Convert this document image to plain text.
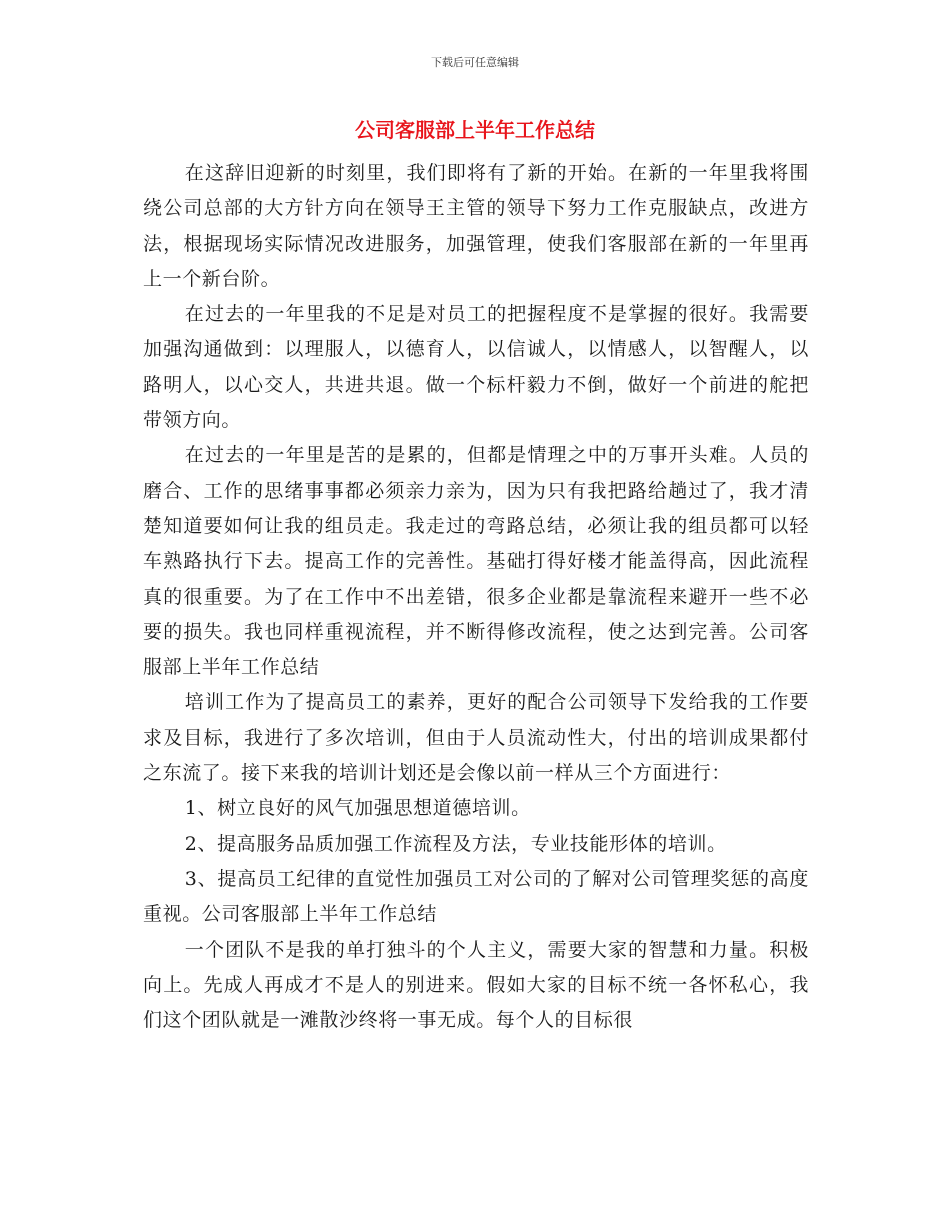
下载后可任意编辑
公司客服部上半年工作总结

在这辞旧迎新的时刻里，我们即将有了新的开始。在新的一年里我将围绕公司总部的大方针方向在领导王主管的领导下努力工作克服缺点，改进方法，根据现场实际情况改进服务，加强管理，使我们客服部在新的一年里再上一个新台阶。

在过去的一年里我的不足是对员工的把握程度不是掌握的很好。我需要加强沟通做到：以理服人，以德育人，以信诚人，以情感人，以智醒人，以路明人，以心交人，共进共退。做一个标杆毅力不倒，做好一个前进的舵把带领方向。

在过去的一年里是苦的是累的，但都是情理之中的万事开头难。人员的磨合、工作的思绪事事都必须亲力亲为，因为只有我把路给趟过了，我才清楚知道要如何让我的组员走。我走过的弯路总结，必须让我的组员都可以轻车熟路执行下去。提高工作的完善性。基础打得好楼才能盖得高，因此流程真的很重要。为了在工作中不出差错，很多企业都是靠流程来避开一些不必要的损失。我也同样重视流程，并不断得修改流程，使之达到完善。公司客服部上半年工作总结

培训工作为了提高员工的素养，更好的配合公司领导下发给我的工作要求及目标，我进行了多次培训，但由于人员流动性大，付出的培训成果都付之东流了。接下来我的培训计划还是会像以前一样从三个方面进行：

1、树立良好的风气加强思想道德培训。

2、提高服务品质加强工作流程及方法，专业技能形体的培训。

3、提高员工纪律的直觉性加强员工对公司的了解对公司管理奖惩的高度重视。公司客服部上半年工作总结

一个团队不是我的单打独斗的个人主义，需要大家的智慧和力量。积极向上。先成人再成才不是人的别进来。假如大家的目标不统一各怀私心，我们这个团队就是一滩散沙终将一事无成。每个人的目标很
